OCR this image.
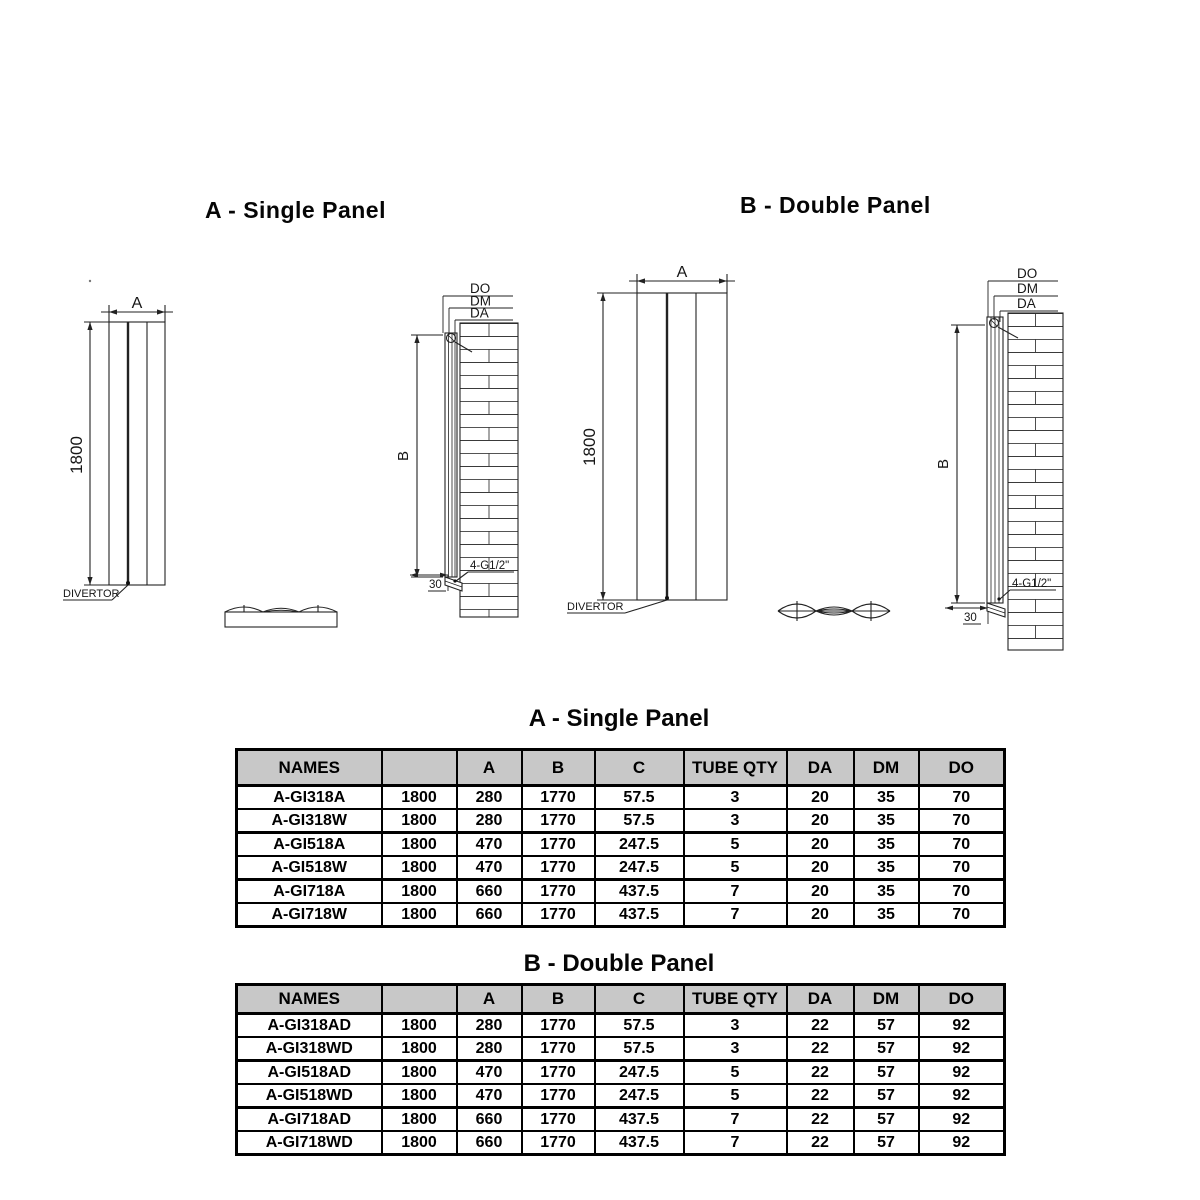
A - Single Panel	B - Double Panel
A
1800
DIVERTOR
DO
DM
DA
B
30
4-G1/2"
A
1800
DIVERTOR
DO
DM
DA
B
30
4-G1/2"
A - Single Panel
NAMES		A	B	C	TUBE QTY	DA	DM	DO
A-GI318A	1800	280	1770	57.5	3	20	35	70
A-GI318W	1800	280	1770	57.5	3	20	35	70
A-GI518A	1800	470	1770	247.5	5	20	35	70
A-GI518W	1800	470	1770	247.5	5	20	35	70
A-GI718A	1800	660	1770	437.5	7	20	35	70
A-GI718W	1800	660	1770	437.5	7	20	35	70
B - Double Panel
NAMES		A	B	C	TUBE QTY	DA	DM	DO
A-GI318AD	1800	280	1770	57.5	3	22	57	92
A-GI318WD	1800	280	1770	57.5	3	22	57	92
A-GI518AD	1800	470	1770	247.5	5	22	57	92
A-GI518WD	1800	470	1770	247.5	5	22	57	92
A-GI718AD	1800	660	1770	437.5	7	22	57	92
A-GI718WD	1800	660	1770	437.5	7	22	57	92
